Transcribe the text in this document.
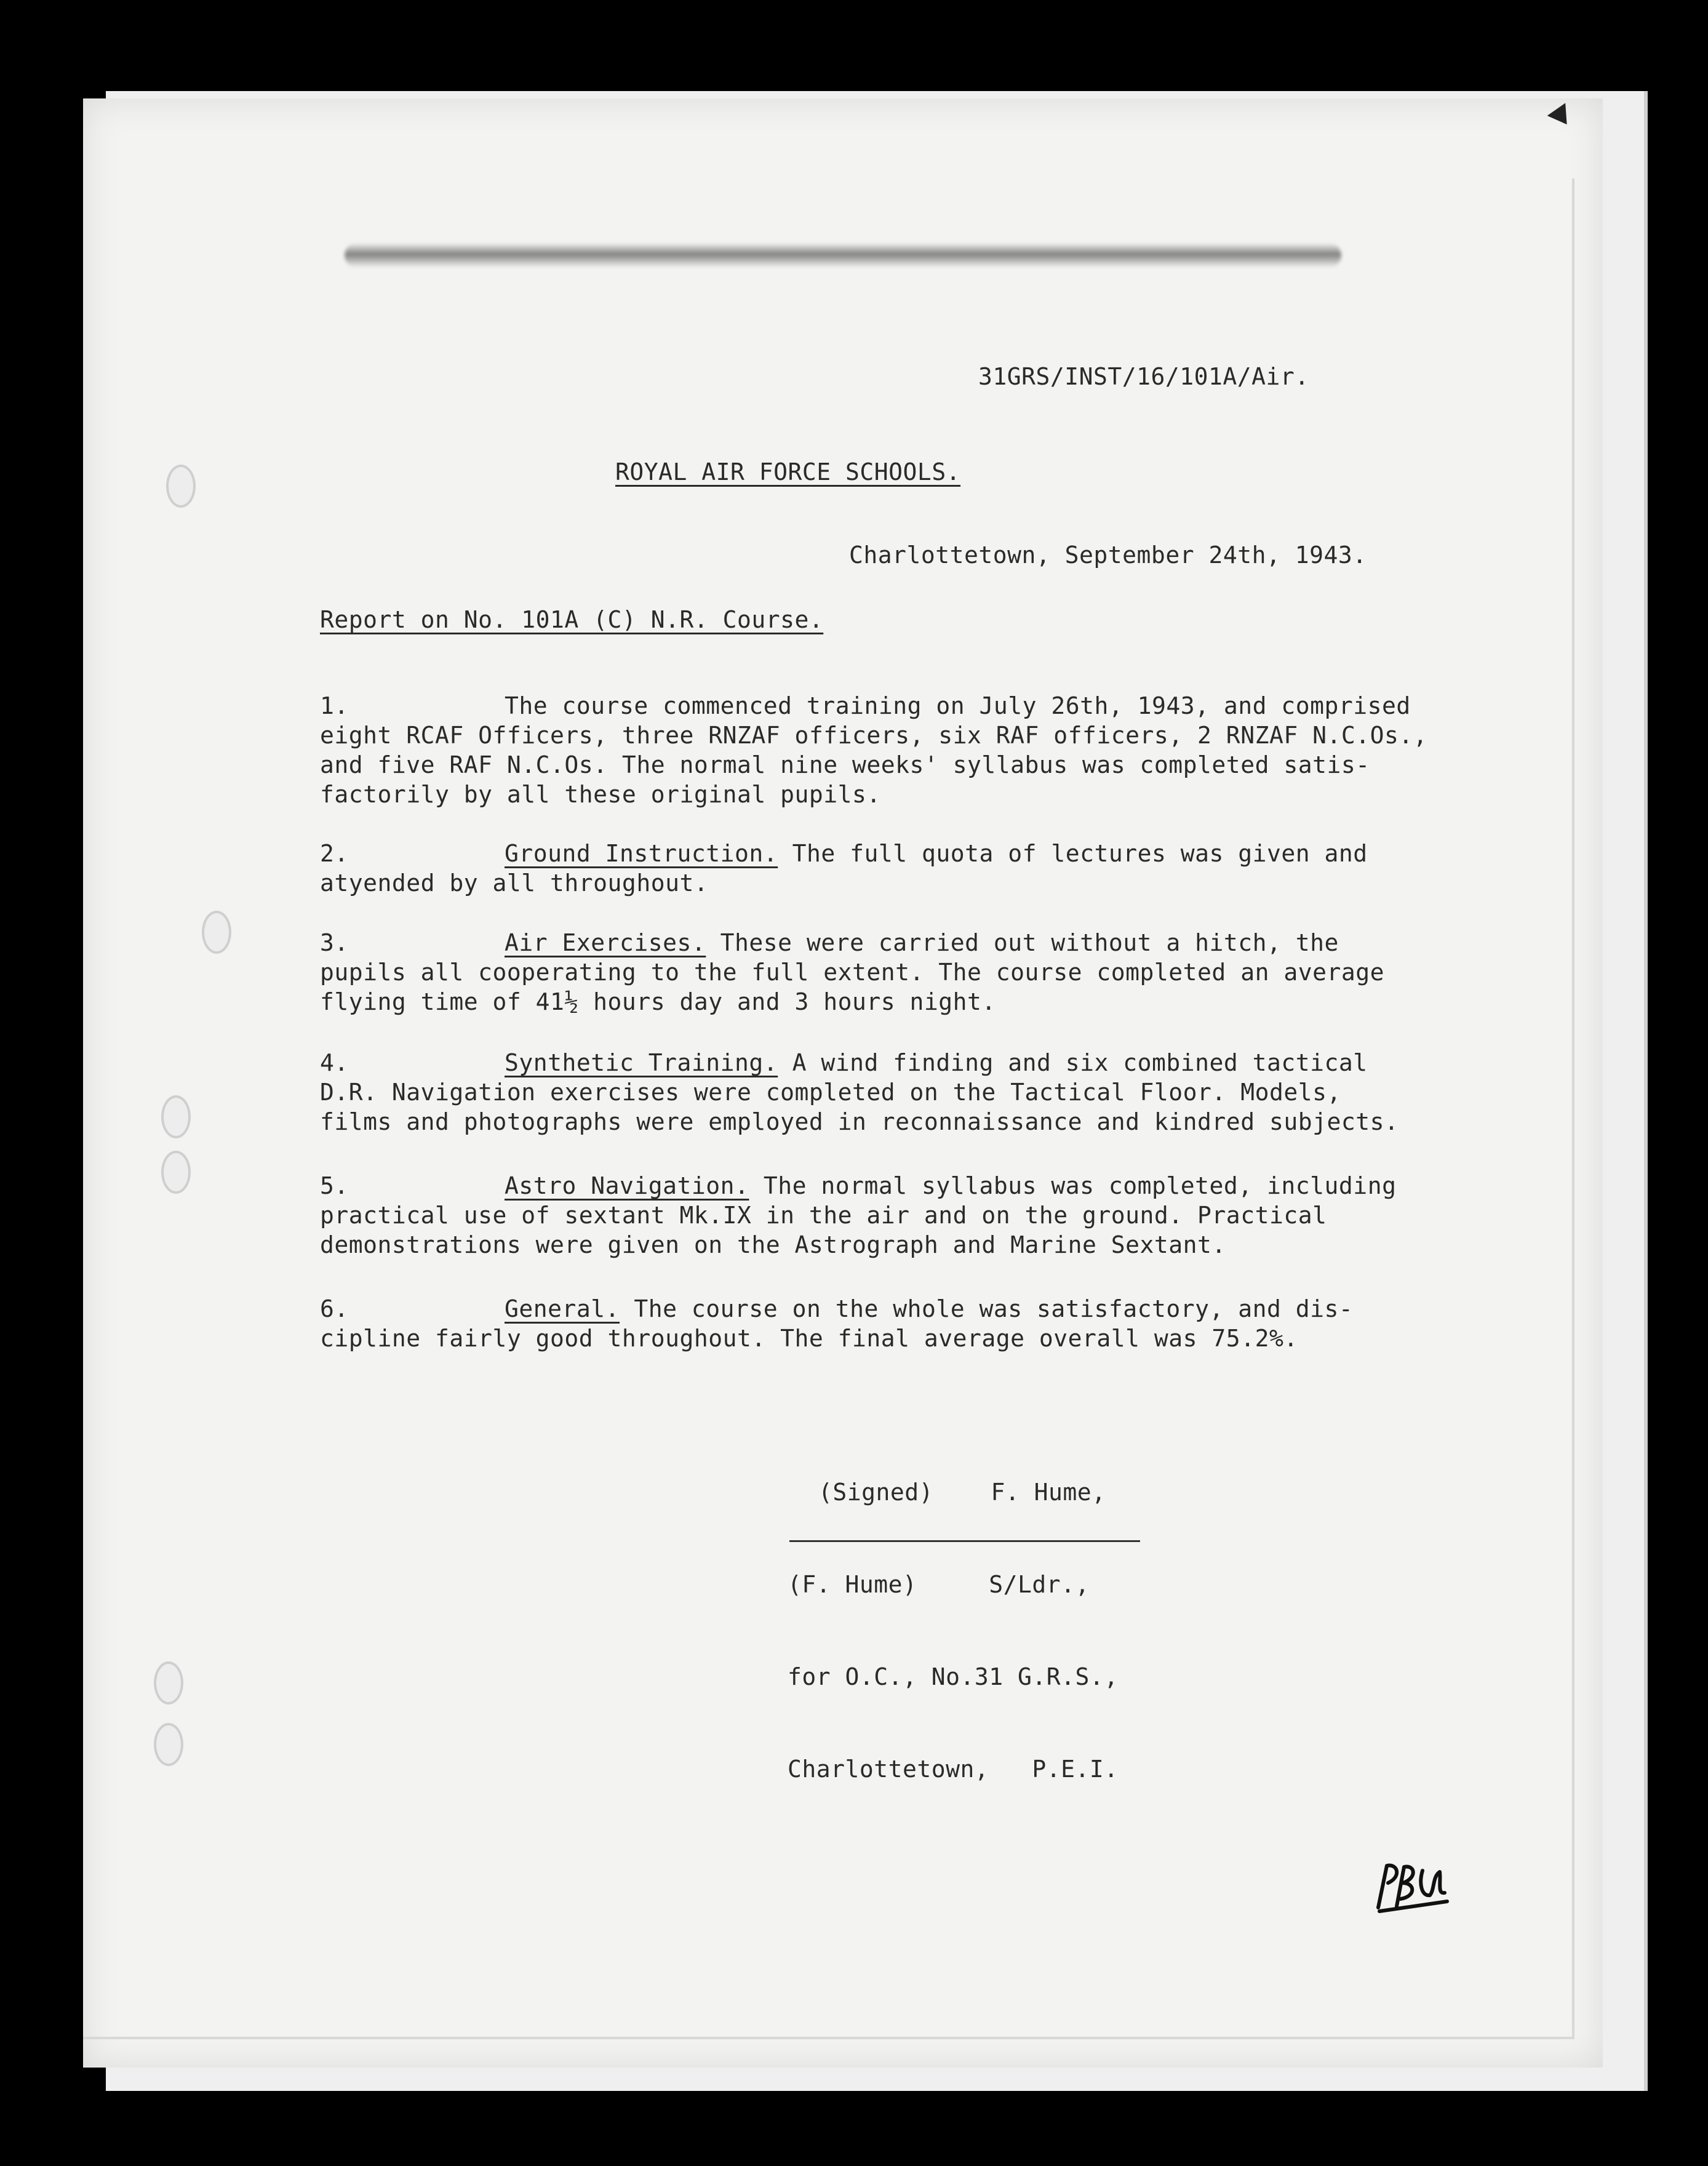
31GRS/INST/16/101A/Air.
ROYAL AIR FORCE SCHOOLS.
Charlottetown, September 24th, 1943.
Report on No. 101A (C) N.R. Course.

1.	The course commenced training on July 26th, 1943, and comprised
eight RCAF Officers, three RNZAF officers, six RAF officers, 2 RNZAF N.C.Os.,
and five RAF N.C.Os. The normal nine weeks' syllabus was completed satis-
factorily by all these original pupils.

2.	Ground Instruction. The full quota of lectures was given and
atyended by all throughout.

3.	Air Exercises. These were carried out without a hitch, the
pupils all cooperating to the full extent. The course completed an average
flying time of 41½ hours day and 3 hours night.

4.	Synthetic Training. A wind finding and six combined tactical
D.R. Navigation exercises were completed on the Tactical Floor. Models,
films and photographs were employed in reconnaissance and kindred subjects.

5.	Astro Navigation. The normal syllabus was completed, including
practical use of sextant Mk.IX in the air and on the ground. Practical
demonstrations were given on the Astrograph and Marine Sextant.

6.	General. The course on the whole was satisfactory, and dis-
cipline fairly good throughout. The final average overall was 75.2%.

(Signed)    F. Hume,

(F. Hume)     S/Ldr.,

for O.C., No.31 G.R.S.,

Charlottetown,   P.E.I.
